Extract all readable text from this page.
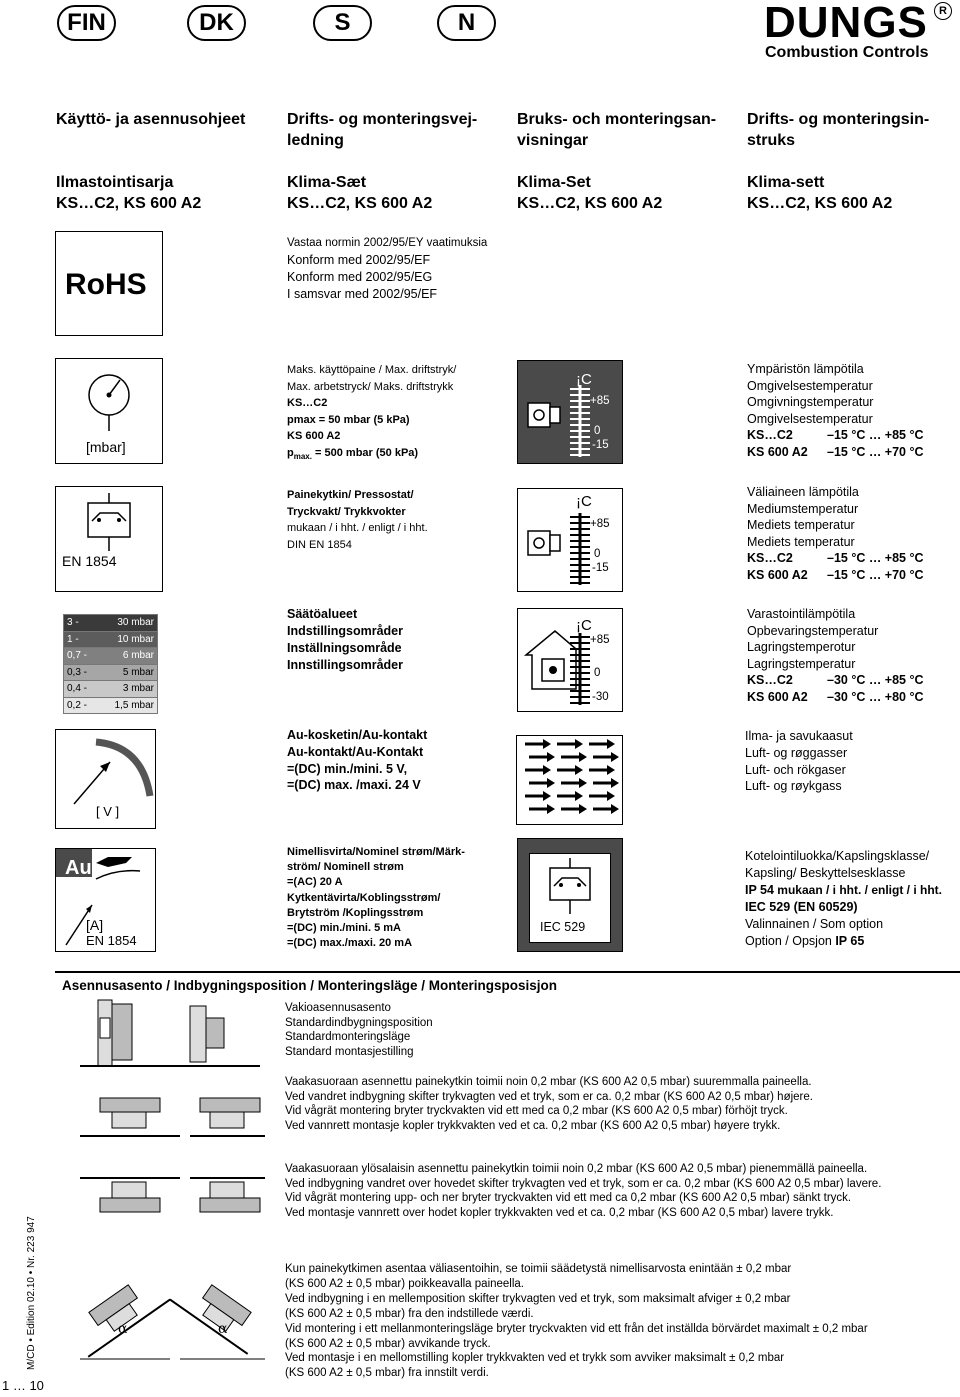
FIN	DK	S	N	DUNGS	R
Combustion Controls
Käyttö- ja asennusohjeet	Drifts- og monteringsvej-
ledning
Bruks- och monteringsan-
visningar
Drifts- og monteringsin-
struks
Ilmastointisarja
KS…C2, KS 600 A2
Klima-Sæt
KS…C2, KS 600 A2
Klima-Set
KS…C2, KS 600 A2
Klima-sett
KS…C2, KS 600 A2
RoHS
Vastaa normin 2002/95/EY vaatimuksia
Konform med 2002/95/EF
Konform med 2002/95/EG
I samsvar med 2002/95/EF
[mbar]
Maks. käyttöpaine / Max. driftstryk/
Max. arbetstryck/ Maks. driftstrykk
KS…C2
pmax = 50 mbar (5 kPa)
KS 600 A2
$p_{max.} = 500$ mbar (50 kPa)
¡C
+85
0
-15
Ympäristön lämpötila
Omgivelsestemperatur
Omgivningstemperatur
Omgivelsestemperatur
KS…C2	–15 °C … +85 °C
KS 600 A2 –15 °C … +70 °C
EN 1854
Painekytkin/ Pressostat/
Tryckvakt/ Trykkvokter
mukaan / i hht. / enligt / i hht.
DIN EN 1854
¡C
+85
0
-15
Väliaineen lämpötila
Mediumstemperatur
Mediets temperatur
Mediets temperatur
KS…C2	–15 °C … +85 °C
KS 600 A2 –15 °C … +70 °C
3 -	30 mbar
1 -	10 mbar
0,7 -	6 mbar
0,3 -	5 mbar
0,4 -	3 mbar
0,2 -	1,5 mbar
Säätöalueet
Indstillingsområder
Inställningsområde
Innstillingsområder
¡C
+85
0
-30
Varastointilämpötila
Opbevaringstemperatur
Lagringstemperotur
Lagringstemperatur
KS…C2	–30 °C … +85 °C
KS 600 A2 –30 °C … +80 °C
[ V ]
Au-kosketin/Au-kontakt
Au-kontakt/Au-Kontakt
=(DC) min./mini. 5 V,
=(DC) max. /maxi. 24 V
Ilma- ja savukaasut
Luft- og røggasser
Luft- och rökgaser
Luft- og røykgass
Au
[A]
EN 1854
Nimellisvirta/Nominel strøm/Märk-
ström/ Nominell strøm
=(AC) 20 A
Kytkentävirta/Koblingsstrøm/
Brytström /Koplingsstrøm
=(DC) min./mini. 5 mA
=(DC) max./maxi. 20 mA
IEC 529
Kotelointiluokka/Kapslingsklasse/
Kapsling/ Beskyttelsesklasse
IP 54 mukaan / i hht. / enligt / i hht.
IEC 529 (EN 60529)
Valinnainen / Som option
Option / Opsjon IP 65
Asennusasento / Indbygningsposition / Monteringsläge / Monteringsposisjon
Vakioasennusasento
Standardindbygningsposition
Standardmonteringsläge
Standard montasjestilling
Vaakasuoraan asennettu painekytkin toimii noin 0,2 mbar (KS 600 A2 0,5 mbar) suuremmalla paineella.
Ved vandret indbygning skifter trykvagten ved et tryk, som er ca. 0,2 mbar (KS 600 A2 0,5 mbar) højere.
Vid vågrät montering bryter tryckvakten vid ett med ca 0,2 mbar (KS 600 A2 0,5 mbar) förhöjt tryck.
Ved vannrett montasje kopler trykkvakten ved et ca. 0,2 mbar (KS 600 A2 0,5 mbar) høyere trykk.
Vaakasuoraan ylösalaisin asennettu painekytkin toimii noin 0,2 mbar (KS 600 A2 0,5 mbar) pienemmällä paineella.
Ved indbygning vandret over hovedet skifter trykvagten ved et tryk, som er ca. 0,2 mbar (KS 600 A2 0,5 mbar) lavere.
Vid vågrät montering upp- och ner bryter tryckvakten vid ett med ca 0,2 mbar (KS 600 A2 0,5 mbar) sänkt tryck.
Ved montasje vannrett over hodet kopler trykkvakten ved et ca. 0,2 mbar (KS 600 A2 0,5 mbar) lavere trykk.
Kun painekytkimen asentaa väliasentoihin, se toimii säädetystä nimellisarvosta enintään ± 0,2 mbar
(KS 600 A2 ± 0,5 mbar) poikkeavalla paineella.
Ved indbygning i en mellemposition skifter trykvagten ved et tryk, som maksimalt afviger ± 0,2 mbar
(KS 600 A2 ± 0,5 mbar) fra den indstillede værdi.
Vid montering i ett mellanmonteringsläge bryter tryckvakten vid ett från det inställda börvärdet maximalt ± 0,2 mbar
(KS 600 A2 ± 0,5 mbar) avvikande tryck.
Ved montasje i en mellomstilling kopler trykkvakten ved et trykk som avviker maksimalt ± 0,2 mbar
(KS 600 A2 ± 0,5 mbar) fra innstilt verdi.
α	α
1 … 10
M/CD • Edition 02.10 • Nr. 223 947
